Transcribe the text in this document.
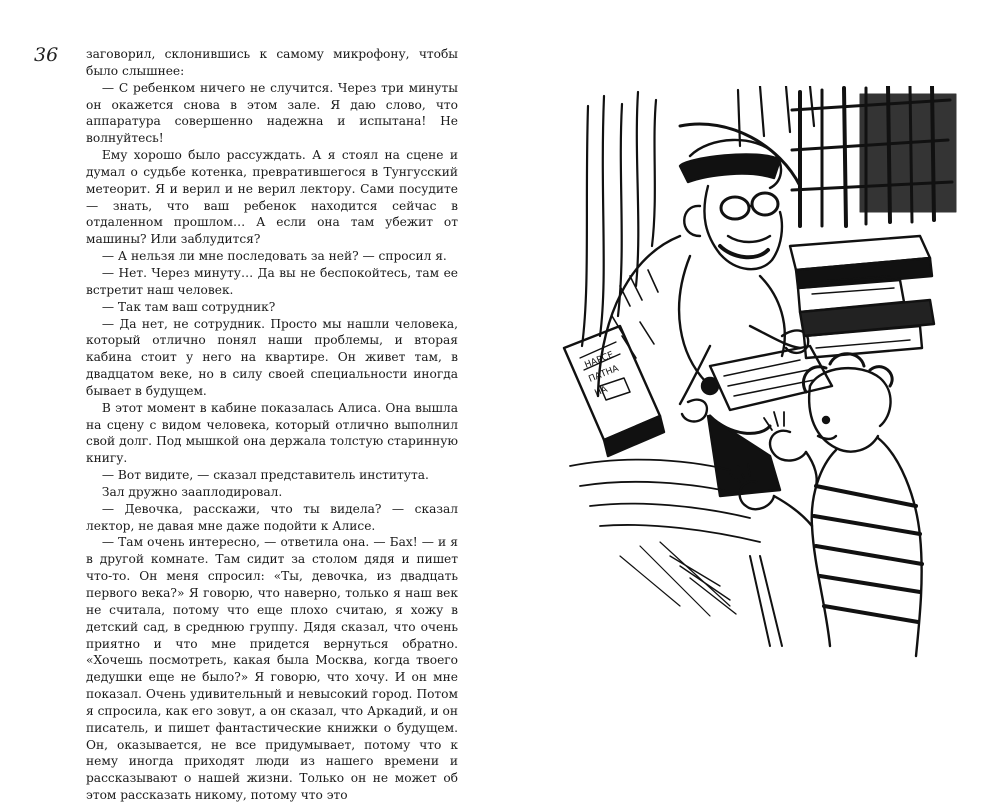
36 заговорил, склонившись к самому микрофону, чтобы было слышнее:

— С ребенком ничего не случится. Через три минуты он окажется снова в этом зале. Я даю слово, что аппаратура совершенно надежна и испытана! Не волнуйтесь!

Ему хорошо было рассуждать. А я стоял на сцене и думал о судьбе котенка, превратившегося в Тунгусский метеорит. Я и верил и не верил лектору. Сами посудите — знать, что ваш ребенок находится сейчас в отдаленном прошлом… А если она там убежит от машины? Или заблудится?

— А нельзя ли мне последовать за ней? — спросил я.

— Нет. Через минуту… Да вы не беспокойтесь, там ее встретит наш человек.

— Так там ваш сотрудник?

— Да нет, не сотрудник. Просто мы нашли человека, который отлично понял наши проблемы, и вторая кабина стоит у него на квартире. Он живет там, в двадцатом веке, но в силу своей специальности иногда бывает в будущем.

В этот момент в кабине показалась Алиса. Она вышла на сцену с видом человека, который отлично выполнил свой долг. Под мышкой она держала толстую старинную книгу.

— Вот видите, — сказал представитель института.

Зал дружно зааплодировал.

— Девочка, расскажи, что ты видела? — сказал лектор, не давая мне даже подойти к Алисе.

— Там очень интересно, — ответила она. — Бах! — и я в другой комнате. Там сидит за столом дядя и пишет что-то. Он меня спросил: «Ты, девочка, из двадцать первого века?» Я говорю, что наверно, только я наш век не считала, потому что еще плохо считаю, я хожу в детский сад, в среднюю группу. Дядя сказал, что очень приятно и что мне придется вернуться обратно. «Хочешь посмотреть, какая была Москва, когда твоего дедушки еще не было?» Я говорю, что хочу. И он мне показал. Очень удивительный и невысокий город. Потом я спросила, как его зовут, а он сказал, что Аркадий, и он писатель, и пишет фантастические книжки о будущем. Он, оказывается, не все придумывает, потому что к нему иногда приходят люди из нашего времени и рассказывают о нашей жизни. Только он не может об этом рассказать никому, потому что это

НАРСЕ
ПАТНА
НА
